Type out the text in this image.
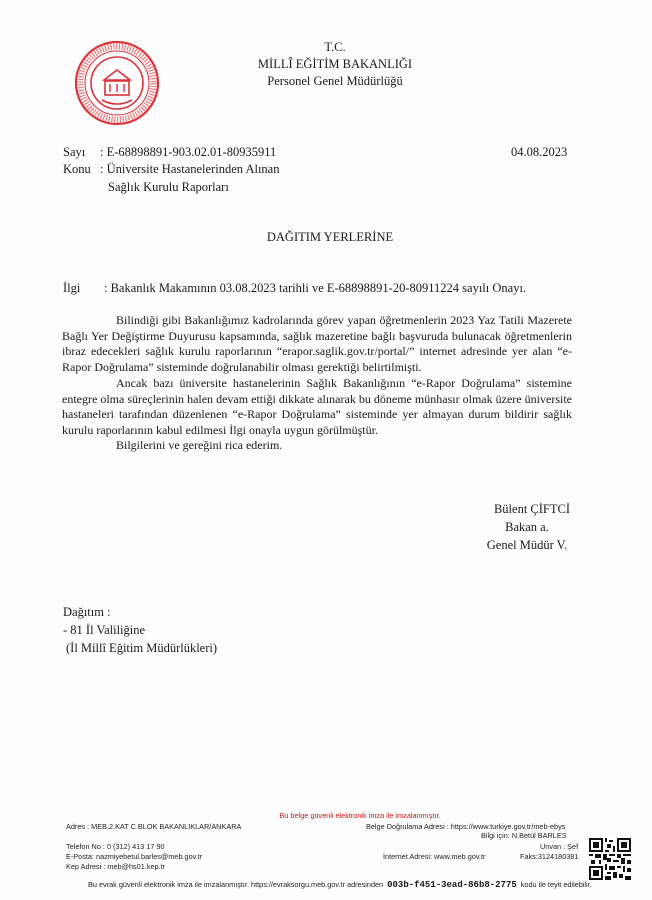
T.C.
MİLLÎ EĞİTİM BAKANLIĞI
Personel Genel Müdürlüğü
Sayı : E-68898891-903.02.01-80935911	04.08.2023
Konu : Üniversite Hastanelerinden Alınan
Sağlık Kurulu Raporları
DAĞITIM YERLERİNE
İlgi : Bakanlık Makamının 03.08.2023 tarihli ve E-68898891-20-80911224 sayılı Onayı.
Bilindiği gibi Bakanlığımız kadrolarında görev yapan öğretmenlerin 2023 Yaz Tatili Mazerete Bağlı Yer Değiştirme Duyurusu kapsamında, sağlık mazeretine bağlı başvuruda bulunacak öğretmenlerin ibraz edecekleri sağlık kurulu raporlarının “erapor.saglik.gov.tr/portal/” internet adresinde yer alan “e-Rapor Doğrulama” sisteminde doğrulanabilir olması gerektiği belirtilmişti.
Ancak bazı üniversite hastanelerinin Sağlık Bakanlığının “e-Rapor Doğrulama” sistemine entegre olma süreçlerinin halen devam ettiği dikkate alınarak bu döneme münhasır olmak üzere üniversite hastaneleri tarafından düzenlenen “e-Rapor Doğrulama” sisteminde yer almayan durum bildirir sağlık kurulu raporlarının kabul edilmesi İlgi onayla uygun görülmüştür.
Bilgilerini ve gereğini rica ederim.
Bülent ÇİFTCİ
Bakan a.
Genel Müdür V.
Dağıtım :
- 81 İl Valiliğine
(İl Millî Eğitim Müdürlükleri)
Bu belge güvenli elektronik imza ile imzalanmıştır.
Adres : MEB.2.KAT C BLOK BAKANLIKLAR/ANKARA	Belge Doğrulama Adresi : https://www.turkiye.gov.tr/meb-ebys
Bilgi için: N.Betül BARLES
Telefon No : 0 (312) 413 17 90	Unvan : Şef
E-Posta: nazmiyebetul.barles@meb.gov.tr	İnternet Adresi: www.meb.gov.tr	Faks:3124180381
Kep Adresi : meb@hs01.kep.tr
Bu evrak güvenli elektronik imza ile imzalanmıştır. https://evraksorgu.meb.gov.tr adresinden 003b-f451-3ead-86b8-2775 kodu ile teyit edilebilir.
